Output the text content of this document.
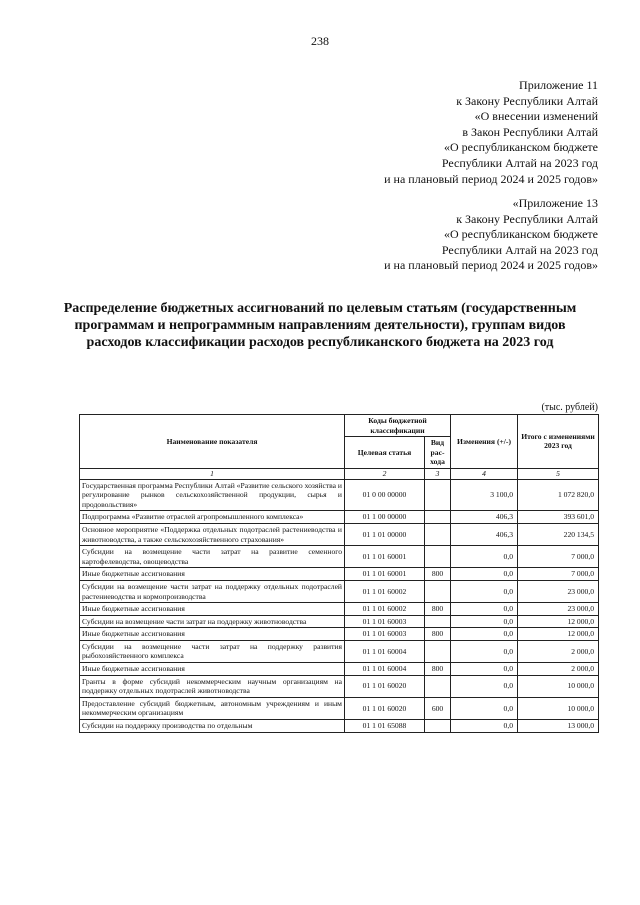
238
Приложение 11
к Закону Республики Алтай
«О внесении изменений
в Закон Республики Алтай
«О республиканском бюджете
Республики Алтай на 2023 год
и на плановый период 2024 и 2025 годов»
«Приложение 13
к Закону Республики Алтай
«О республиканском бюджете
Республики Алтай на 2023 год
и на плановый период 2024 и 2025 годов»
Распределение бюджетных ассигнований по целевым статьям (государственным программам и непрограммным направлениям деятельности), группам видов расходов классификации расходов республиканского бюджета на 2023 год
(тыс. рублей)
Наименование показателя	Коды бюджетной классификации		Изменения (+/-)	Итого с изменениями 2023 год
	Целевая статья	Вид рас-хода		
1	2	3	4	5
Государственная программа Республики Алтай «Развитие сельского хозяйства и регулирование рынков сельскохозяйственной продукции, сырья и продовольствия»	01 0 00 00000		3 100,0	1 072 820,0
Подпрограмма «Развитие отраслей агропромышленного комплекса»	01 1 00 00000		406,3	393 601,0
Основное мероприятие «Поддержка отдельных подотраслей растениеводства и животноводства, а также сельскохозяйственного страхования»	01 1 01 00000		406,3	220 134,5
Субсидии на возмещение части затрат на развитие семенного картофелеводства, овощеводства	01 1 01 60001		0,0	7 000,0
Иные бюджетные ассигнования	01 1 01 60001	800	0,0	7 000,0
Субсидии на возмещение части затрат на поддержку отдельных подотраслей растениеводства и кормопроизводства	01 1 01 60002		0,0	23 000,0
Иные бюджетные ассигнования	01 1 01 60002	800	0,0	23 000,0
Субсидии на возмещение части затрат на поддержку животноводства	01 1 01 60003		0,0	12 000,0
Иные бюджетные ассигнования	01 1 01 60003	800	0,0	12 000,0
Субсидии на возмещение части затрат на поддержку развития рыбохозяйственного комплекса	01 1 01 60004		0,0	2 000,0
Иные бюджетные ассигнования	01 1 01 60004	800	0,0	2 000,0
Гранты в форме субсидий некоммерческим научным организациям на поддержку отдельных подотраслей животноводства	01 1 01 60020		0,0	10 000,0
Предоставление субсидий бюджетным, автономным учреждениям и иным некоммерческим организациям	01 1 01 60020	600	0,0	10 000,0
Субсидии на поддержку производства по отдельным	01 1 01 65088		0,0	13 000,0
